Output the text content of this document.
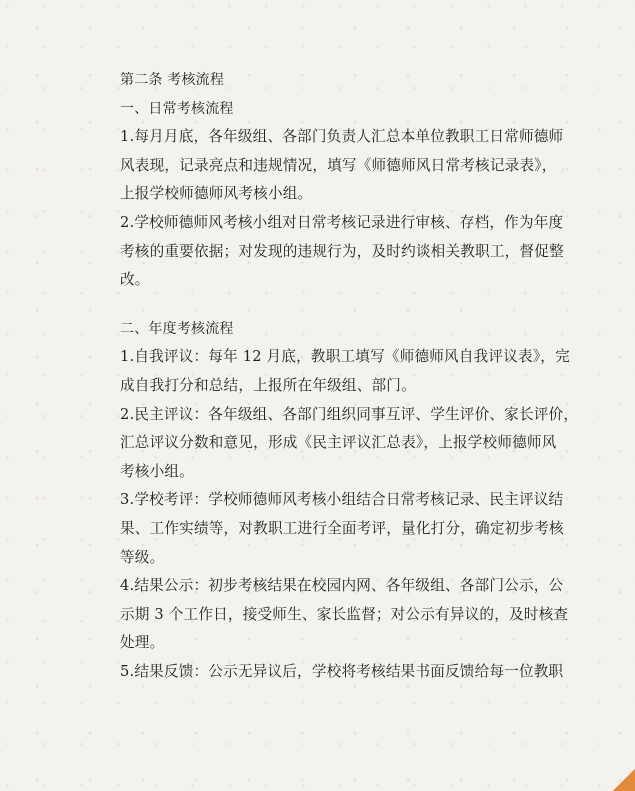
第二条 考核流程
一、日常考核流程
1.每月月底，各年级组、各部门负责人汇总本单位教职工日常师德师
风表现，记录亮点和违规情况，填写《师德师风日常考核记录表》，
上报学校师德师风考核小组。
2.学校师德师风考核小组对日常考核记录进行审核、存档，作为年度
考核的重要依据；对发现的违规行为，及时约谈相关教职工，督促整
改。
二、年度考核流程
1.自我评议：每年 12 月底，教职工填写《师德师风自我评议表》，完
成自我打分和总结，上报所在年级组、部门。
2.民主评议：各年级组、各部门组织同事互评、学生评价、家长评价，
汇总评议分数和意见，形成《民主评议汇总表》，上报学校师德师风
考核小组。
3.学校考评：学校师德师风考核小组结合日常考核记录、民主评议结
果、工作实绩等，对教职工进行全面考评，量化打分，确定初步考核
等级。
4.结果公示：初步考核结果在校园内网、各年级组、各部门公示，公
示期 3 个工作日，接受师生、家长监督；对公示有异议的，及时核查
处理。
5.结果反馈：公示无异议后，学校将考核结果书面反馈给每一位教职
